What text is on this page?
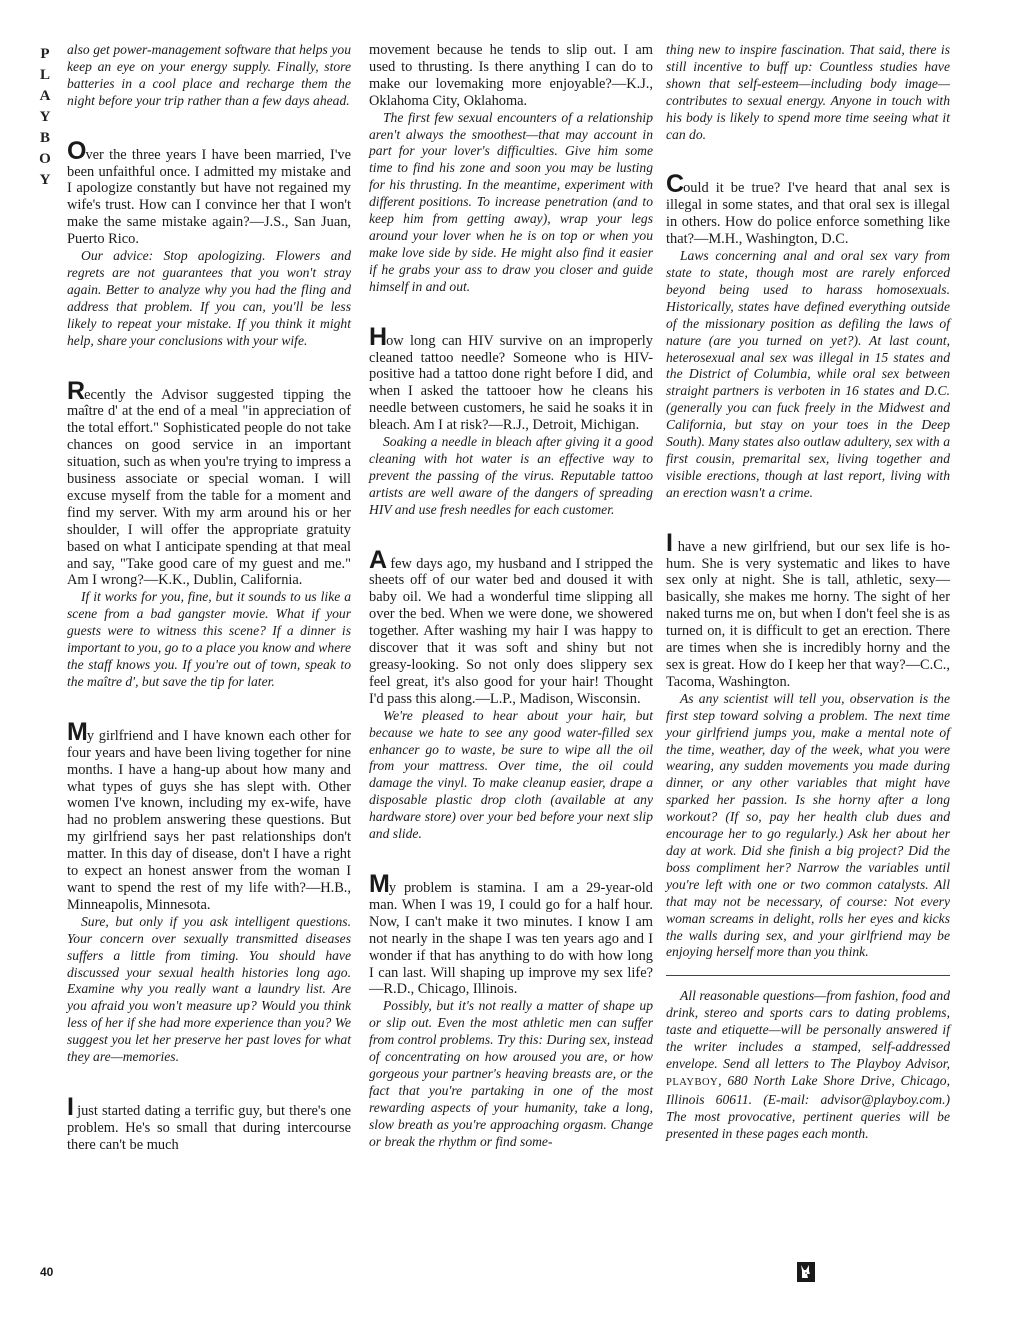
P
L
A
Y
B
O
Y

also get power-management software that helps you keep an eye on your energy supply. Finally, store batteries in a cool place and recharge them the night before your trip rather than a few days ahead.

Over the three years I have been married, I've been unfaithful once. I admitted my mistake and I apologize constantly but have not regained my wife's trust. How can I convince her that I won't make the same mistake again?—J.S., San Juan, Puerto Rico.

Our advice: Stop apologizing. Flowers and regrets are not guarantees that you won't stray again. Better to analyze why you had the fling and address that problem. If you can, you'll be less likely to repeat your mistake. If you think it might help, share your conclusions with your wife.

Recently the Advisor suggested tipping the maître d' at the end of a meal "in appreciation of the total effort." Sophisticated people do not take chances on good service in an important situation, such as when you're trying to impress a business associate or special woman. I will excuse myself from the table for a moment and find my server. With my arm around his or her shoulder, I will offer the appropriate gratuity based on what I anticipate spending at that meal and say, "Take good care of my guest and me." Am I wrong?—K.K., Dublin, California.

If it works for you, fine, but it sounds to us like a scene from a bad gangster movie. What if your guests were to witness this scene? If a dinner is important to you, go to a place you know and where the staff knows you. If you're out of town, speak to the maître d', but save the tip for later.

My girlfriend and I have known each other for four years and have been living together for nine months. I have a hang-up about how many and what types of guys she has slept with. Other women I've known, including my ex-wife, have had no problem answering these questions. But my girlfriend says her past relationships don't matter. In this day of disease, don't I have a right to expect an honest answer from the woman I want to spend the rest of my life with?—H.B., Minneapolis, Minnesota.

Sure, but only if you ask intelligent questions. Your concern over sexually transmitted diseases suffers a little from timing. You should have discussed your sexual health histories long ago. Examine why you really want a laundry list. Are you afraid you won't measure up? Would you think less of her if she had more experience than you? We suggest you let her preserve her past loves for what they are—memories.

I just started dating a terrific guy, but there's one problem. He's so small that during intercourse there can't be much

movement because he tends to slip out. I am used to thrusting. Is there anything I can do to make our lovemaking more enjoyable?—K.J., Oklahoma City, Oklahoma.

The first few sexual encounters of a relationship aren't always the smoothest—that may account in part for your lover's difficulties. Give him some time to find his zone and soon you may be lusting for his thrusting. In the meantime, experiment with different positions. To increase penetration (and to keep him from getting away), wrap your legs around your lover when he is on top or when you make love side by side. He might also find it easier if he grabs your ass to draw you closer and guide himself in and out.

How long can HIV survive on an improperly cleaned tattoo needle? Someone who is HIV-positive had a tattoo done right before I did, and when I asked the tattooer how he cleans his needle between customers, he said he soaks it in bleach. Am I at risk?—R.J., Detroit, Michigan.

Soaking a needle in bleach after giving it a good cleaning with hot water is an effective way to prevent the passing of the virus. Reputable tattoo artists are well aware of the dangers of spreading HIV and use fresh needles for each customer.

A few days ago, my husband and I stripped the sheets off of our water bed and doused it with baby oil. We had a wonderful time slipping all over the bed. When we were done, we showered together. After washing my hair I was happy to discover that it was soft and shiny but not greasy-looking. So not only does slippery sex feel great, it's also good for your hair! Thought I'd pass this along.—L.P., Madison, Wisconsin.

We're pleased to hear about your hair, but because we hate to see any good water-filled sex enhancer go to waste, be sure to wipe all the oil from your mattress. Over time, the oil could damage the vinyl. To make cleanup easier, drape a disposable plastic drop cloth (available at any hardware store) over your bed before your next slip and slide.

My problem is stamina. I am a 29-year-old man. When I was 19, I could go for a half hour. Now, I can't make it two minutes. I know I am not nearly in the shape I was ten years ago and I wonder if that has anything to do with how long I can last. Will shaping up improve my sex life?—R.D., Chicago, Illinois.

Possibly, but it's not really a matter of shape up or slip out. Even the most athletic men can suffer from control problems. Try this: During sex, instead of concentrating on how aroused you are, or how gorgeous your partner's heaving breasts are, or the fact that you're partaking in one of the most rewarding aspects of your humanity, take a long, slow breath as you're approaching orgasm. Change or break the rhythm or find some-

thing new to inspire fascination. That said, there is still incentive to buff up: Countless studies have shown that self-esteem—including body image—contributes to sexual energy. Anyone in touch with his body is likely to spend more time seeing what it can do.

Could it be true? I've heard that anal sex is illegal in some states, and that oral sex is illegal in others. How do police enforce something like that?—M.H., Washington, D.C.

Laws concerning anal and oral sex vary from state to state, though most are rarely enforced beyond being used to harass homosexuals. Historically, states have defined everything outside of the missionary position as defiling the laws of nature (are you turned on yet?). At last count, heterosexual anal sex was illegal in 15 states and the District of Columbia, while oral sex between straight partners is verboten in 16 states and D.C. (generally you can fuck freely in the Midwest and California, but stay on your toes in the Deep South). Many states also outlaw adultery, sex with a first cousin, premarital sex, living together and visible erections, though at last report, living with an erection wasn't a crime.

I have a new girlfriend, but our sex life is ho-hum. She is very systematic and likes to have sex only at night. She is tall, athletic, sexy—basically, she makes me horny. The sight of her naked turns me on, but when I don't feel she is as turned on, it is difficult to get an erection. There are times when she is incredibly horny and the sex is great. How do I keep her that way?—C.C., Tacoma, Washington.

As any scientist will tell you, observation is the first step toward solving a problem. The next time your girlfriend jumps you, make a mental note of the time, weather, day of the week, what you were wearing, any sudden movements you made during dinner, or any other variables that might have sparked her passion. Is she horny after a long workout? (If so, pay her health club dues and encourage her to go regularly.) Ask her about her day at work. Did she finish a big project? Did the boss compliment her? Narrow the variables until you're left with one or two common catalysts. All that may not be necessary, of course: Not every woman screams in delight, rolls her eyes and kicks the walls during sex, and your girlfriend may be enjoying herself more than you think.

All reasonable questions—from fashion, food and drink, stereo and sports cars to dating problems, taste and etiquette—will be personally answered if the writer includes a stamped, self-addressed envelope. Send all letters to The Playboy Advisor, PLAYBOY, 680 North Lake Shore Drive, Chicago, Illinois 60611. (E-mail: advisor@playboy.com.) The most provocative, pertinent queries will be presented in these pages each month.

40
